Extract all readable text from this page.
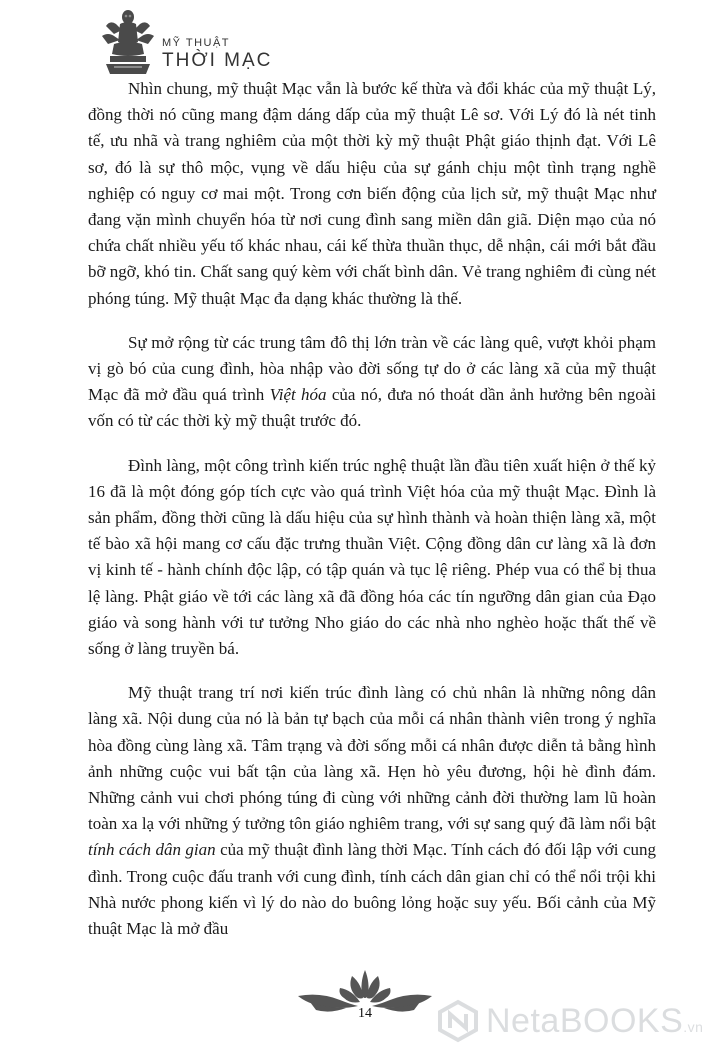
MỸ THUẬT
THỜI MẠC

Nhìn chung, mỹ thuật Mạc vẫn là bước kế thừa và đổi khác của mỹ thuật Lý, đồng thời nó cũng mang đậm dáng dấp của mỹ thuật Lê sơ. Với Lý đó là nét tinh tế, ưu nhã và trang nghiêm của một thời kỳ mỹ thuật Phật giáo thịnh đạt. Với Lê sơ, đó là sự thô mộc, vụng về dấu hiệu của sự gánh chịu một tình trạng nghề nghiệp có nguy cơ mai một. Trong cơn biến động của lịch sử, mỹ thuật Mạc như đang vặn mình chuyển hóa từ nơi cung đình sang miền dân giã. Diện mạo của nó chứa chất nhiều yếu tố khác nhau, cái kế thừa thuần thục, dễ nhận, cái mới bắt đầu bỡ ngỡ, khó tin. Chất sang quý kèm với chất bình dân. Vẻ trang nghiêm đi cùng nét phóng túng. Mỹ thuật Mạc đa dạng khác thường là thế.

Sự mở rộng từ các trung tâm đô thị lớn tràn về các làng quê, vượt khỏi phạm vị gò bó của cung đình, hòa nhập vào đời sống tự do ở các làng xã của mỹ thuật Mạc đã mở đầu quá trình Việt hóa của nó, đưa nó thoát dần ảnh hưởng bên ngoài vốn có từ các thời kỳ mỹ thuật trước đó.

Đình làng, một công trình kiến trúc nghệ thuật lần đầu tiên xuất hiện ở thế kỷ 16 đã là một đóng góp tích cực vào quá trình Việt hóa của mỹ thuật Mạc. Đình là sản phẩm, đồng thời cũng là dấu hiệu của sự hình thành và hoàn thiện làng xã, một tế bào xã hội mang cơ cấu đặc trưng thuần Việt. Cộng đồng dân cư làng xã là đơn vị kinh tế - hành chính độc lập, có tập quán và tục lệ riêng. Phép vua có thể bị thua lệ làng. Phật giáo về tới các làng xã đã đồng hóa các tín ngưỡng dân gian của Đạo giáo và song hành với tư tưởng Nho giáo do các nhà nho nghèo hoặc thất thế về sống ở làng truyền bá.

Mỹ thuật trang trí nơi kiến trúc đình làng có chủ nhân là những nông dân làng xã. Nội dung của nó là bản tự bạch của mỗi cá nhân thành viên trong ý nghĩa hòa đồng cùng làng xã. Tâm trạng và đời sống mỗi cá nhân được diễn tả bằng hình ảnh những cuộc vui bất tận của làng xã. Hẹn hò yêu đương, hội hè đình đám. Những cảnh vui chơi phóng túng đi cùng với những cảnh đời thường lam lũ hoàn toàn xa lạ với những ý tưởng tôn giáo nghiêm trang, với sự sang quý đã làm nổi bật tính cách dân gian của mỹ thuật đình làng thời Mạc. Tính cách đó đối lập với cung đình. Trong cuộc đấu tranh với cung đình, tính cách dân gian chỉ có thể nổi trội khi Nhà nước phong kiến vì lý do nào do buông lỏng hoặc suy yếu. Bối cảnh của Mỹ thuật Mạc là mở đầu

14	NetaBOOKS.vn
